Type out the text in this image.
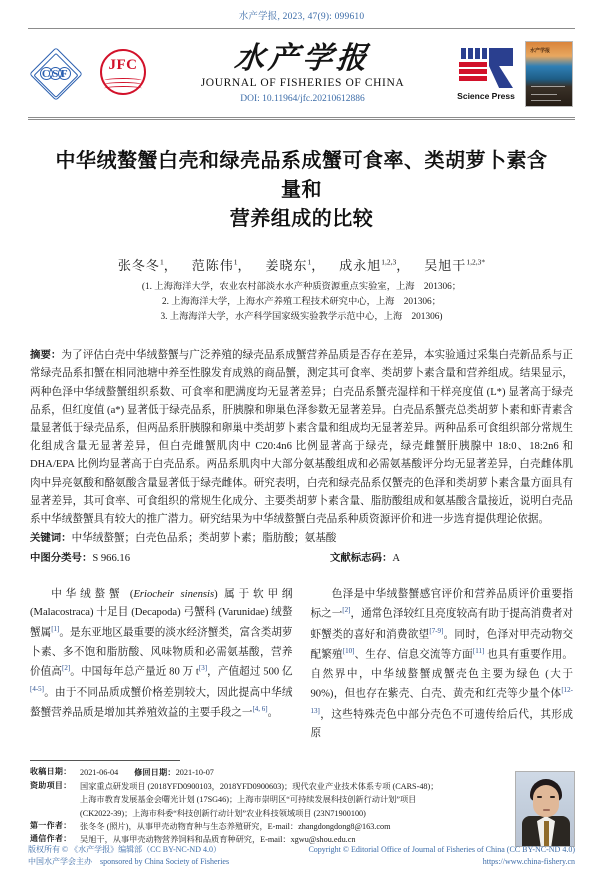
水产学报, 2023, 47(9): 099610
CSF
JFC	水产学报
JOURNAL OF FISHERIES OF CHINA
DOI: 10.11964/jfc.20210612886	Science Press
水产学报
中华绒螯蟹白壳和绿壳品系成蟹可食率、类胡萝卜素含量和
营养组成的比较
张冬冬$^1$， 范陈伟$^1$， 姜晓东$^1$， 成永旭$^{1,2,3}$， 吴旭干$^{1,2,3*}$
(1. 上海海洋大学，农业农村部淡水水产种质资源重点实验室，上海　201306；
2. 上海海洋大学，上海水产养殖工程技术研究中心，上海　201306；
3. 上海海洋大学，水产科学国家级实验教学示范中心，上海　201306)
摘要：为了评估白壳中华绒螯蟹与广泛养殖的绿壳品系成蟹营养品质是否存在差异，本实验通过采集白壳新品系与正常绿壳品系扣蟹在相同池塘中养至性腺发育成熟的商品蟹，测定其可食率、类胡萝卜素含量和营养组成。结果显示，两种色泽中华绒螯蟹组织系数、可食率和肥满度均无显著差异；白壳品系蟹壳湿样和干样亮度值 (L*) 显著高于绿壳品系，但红度值 (a*) 显著低于绿壳品系，肝胰腺和卵巢色泽参数无显著差异。白壳品系蟹壳总类胡萝卜素和虾青素含量显著低于绿壳品系，但两品系肝胰腺和卵巢中类胡萝卜素含量和组成均无显著差异。两种品系可食组织部分常规生化组成含量无显著差异，但白壳雌蟹肌肉中 C20:4n6 比例显著高于绿壳，绿壳雌蟹肝胰腺中 18:0、18:2n6 和 DHA/EPA 比例均显著高于白壳品系。两品系肌肉中大部分氨基酸组成和必需氨基酸评分均无显著差异，白壳雌体肌肉中异亮氨酸和酪氨酸含量显著低于绿壳雌体。研究表明，白壳和绿壳品系仅蟹壳的色泽和类胡萝卜素含量方面具有显著差异，其可食率、可食组织的常规生化成分、主要类胡萝卜素含量、脂肪酸组成和氨基酸含量接近，说明白壳品系中华绒螯蟹具有较大的推广潜力。研究结果为中华绒螯蟹白壳品系种质资源评价和进一步选育提供理论依据。
关键词：中华绒螯蟹；白壳色品系；类胡萝卜素；脂肪酸；氨基酸
中图分类号：S 966.16	文献标志码：A

中华绒螯蟹 (Eriocheir sinensis) 属于软甲纲 (Malacostraca) 十足目 (Decapoda) 弓蟹科 (Varunidae) 绒螯蟹属[1]。是东亚地区最重要的淡水经济蟹类，富含类胡萝卜素、多不饱和脂肪酸、风味物质和必需氨基酸，营养价值高[2]。中国每年总产量近 80 万 t[3]，产值超过 500 亿[4-5]。由于不同品质成蟹价格差别较大，因此提高中华绒螯蟹营养品质是增加其养殖效益的主要手段之一[4, 6]。

色泽是中华绒螯蟹感官评价和营养品质评价重要指标之一[2]，通常色泽较红且亮度较高有助于提高消费者对虾蟹类的喜好和消费欲望[7-9]。同时，色泽对甲壳动物交配繁殖[10]、生存、信息交流等方面[11] 也具有重要作用。自然界中，中华绒螯蟹成蟹壳色主要为绿色 (大于 90%)，但也存在紫壳、白壳、黄壳和红壳等少量个体[12-13]，这些特殊壳色中部分壳色不可遗传给后代，其形成原

收稿日期：	2021-06-04 修回日期：2021-10-07
资助项目：	国家重点研发项目 (2018YFD0900103，2018YFD0900603)；现代农业产业技术体系专项 (CARS-48)；
上海市教育发展基金会曙光计划 (17SG46)；上海市崇明区“可持续发展科技创新行动计划”项目
(CK2022-39)；上海市科委“科技创新行动计划”农业科技领域项目 (23N71900100)
第一作者：	张冬冬 (照片)，从事甲壳动物育种与生态养殖研究，E-mail：zhangdongdong8@163.com
通信作者：	吴旭干，从事甲壳动物营养饲料和品质育种研究，E-mail：xgwu@shou.edu.cn
版权所有 © 《水产学报》编辑部（CC BY-NC-ND 4.0）
中国水产学会主办　sponsored by China Society of Fisheries
Copyright © Editorial Office of Journal of Fisheries of China (CC BY-NC-ND 4.0)
https://www.china-fishery.cn
